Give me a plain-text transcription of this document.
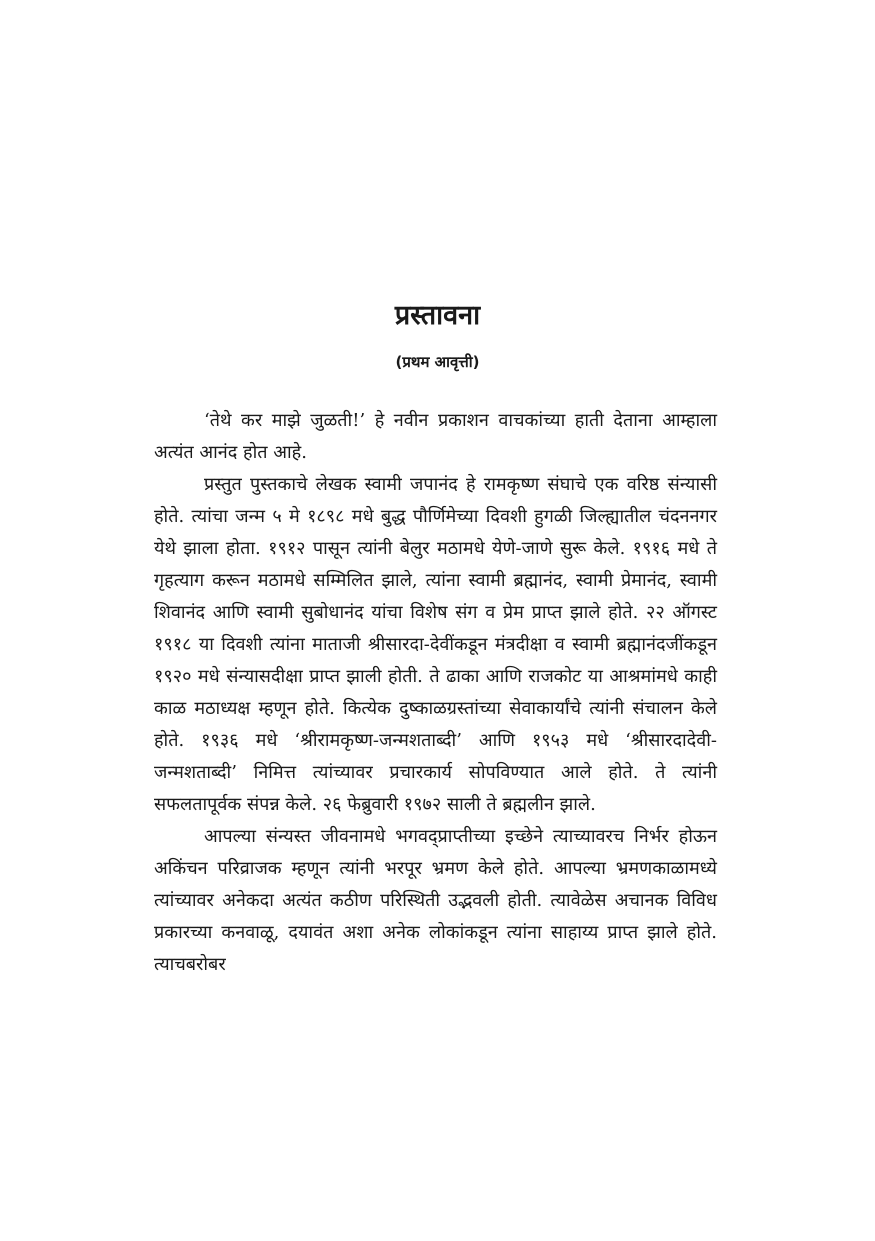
प्रस्तावना
(प्रथम आवृत्ती)

‘तेथे कर माझे जुळती!’ हे नवीन प्रकाशन वाचकांच्या हाती देताना आम्हाला अत्यंत आनंद होत आहे.

प्रस्तुत पुस्तकाचे लेखक स्वामी जपानंद हे रामकृष्ण संघाचे एक वरिष्ठ संन्यासी होते. त्यांचा जन्म ५ मे १८९८ मधे बुद्ध पौर्णिमेच्या दिवशी हुगळी जिल्ह्यातील चंदननगर येथे झाला होता. १९१२ पासून त्यांनी बेलुर मठामधे येणे-जाणे सुरू केले. १९१६ मधे ते गृहत्याग करून मठामधे सम्मिलित झाले, त्यांना स्वामी ब्रह्मानंद, स्वामी प्रेमानंद, स्वामी शिवानंद आणि स्वामी सुबोधानंद यांचा विशेष संग व प्रेम प्राप्त झाले होते. २२ ऑगस्ट १९१८ या दिवशी त्यांना माताजी श्रीसारदा-देवींकडून मंत्रदीक्षा व स्वामी ब्रह्मानंदजींकडून १९२० मधे संन्यासदीक्षा प्राप्त झाली होती. ते ढाका आणि राजकोट या आश्रमांमधे काही काळ मठाध्यक्ष म्हणून होते. कित्येक दुष्काळग्रस्तांच्या सेवाकार्यांचे त्यांनी संचालन केले होते. १९३६ मधे ‘श्रीरामकृष्ण-जन्मशताब्दी’ आणि १९५३ मधे ‘श्रीसारदादेवी-जन्मशताब्दी’ निमित्त त्यांच्यावर प्रचारकार्य सोपविण्यात आले होते. ते त्यांनी सफलतापूर्वक संपन्न केले. २६ फेब्रुवारी १९७२ साली ते ब्रह्मलीन झाले.

आपल्या संन्यस्त जीवनामधे भगवद्प्राप्तीच्या इच्छेने त्याच्यावरच निर्भर होऊन अकिंचन परिव्राजक म्हणून त्यांनी भरपूर भ्रमण केले होते. आपल्या भ्रमणकाळामध्ये त्यांच्यावर अनेकदा अत्यंत कठीण परिस्थिती उद्भवली होती. त्यावेळेस अचानक विविध प्रकारच्या कनवाळू, दयावंत अशा अनेक लोकांकडून त्यांना साहाय्य प्राप्त झाले होते. त्याचबरोबर
